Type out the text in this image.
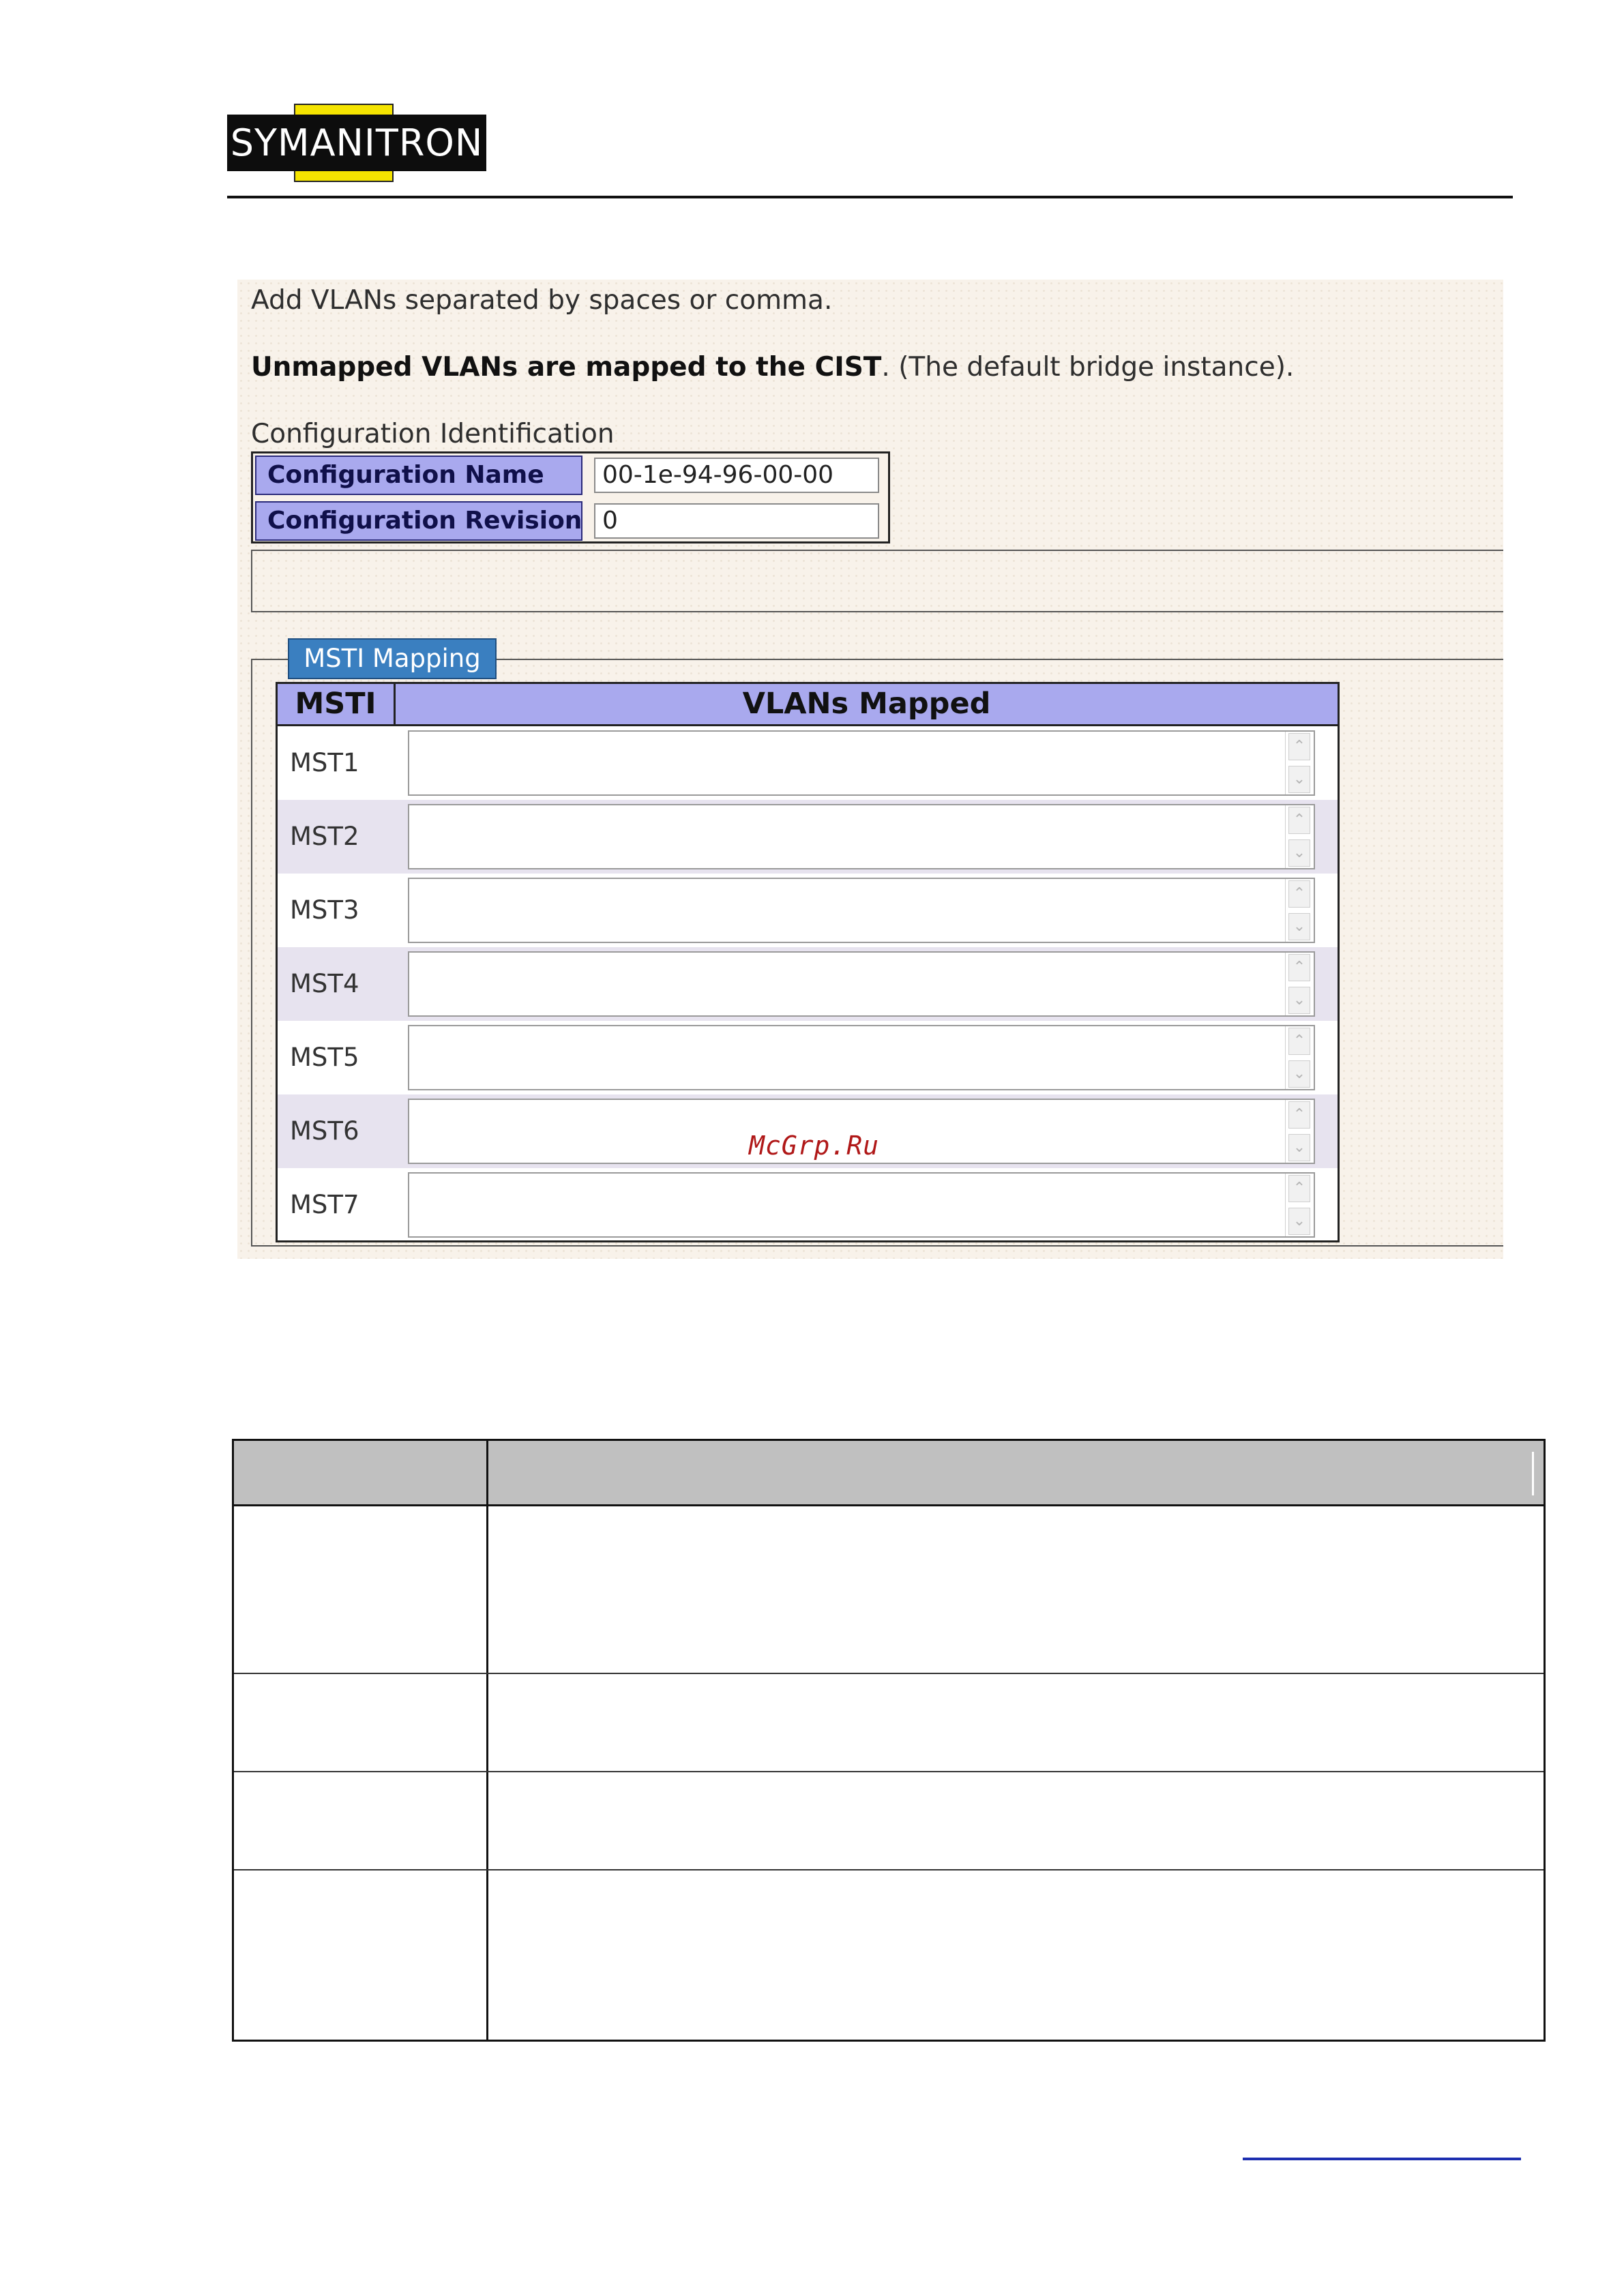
SYMANITRON
Add VLANs separated by spaces or comma.
Unmapped VLANs are mapped to the CIST. (The default bridge instance).
Configuration Identification
Configuration Name	00-1e-94-96-00-00
Configuration Revision 0
MSTI Mapping
MSTI	VLANs Mapped
MST1
⌃
⌄
MST2
⌃
⌄
MST3
⌃
⌄
MST4
⌃
⌄
MST5
⌃
⌄
MST6
⌃
⌄
MST7
⌃
⌄
McGrp.Ru
